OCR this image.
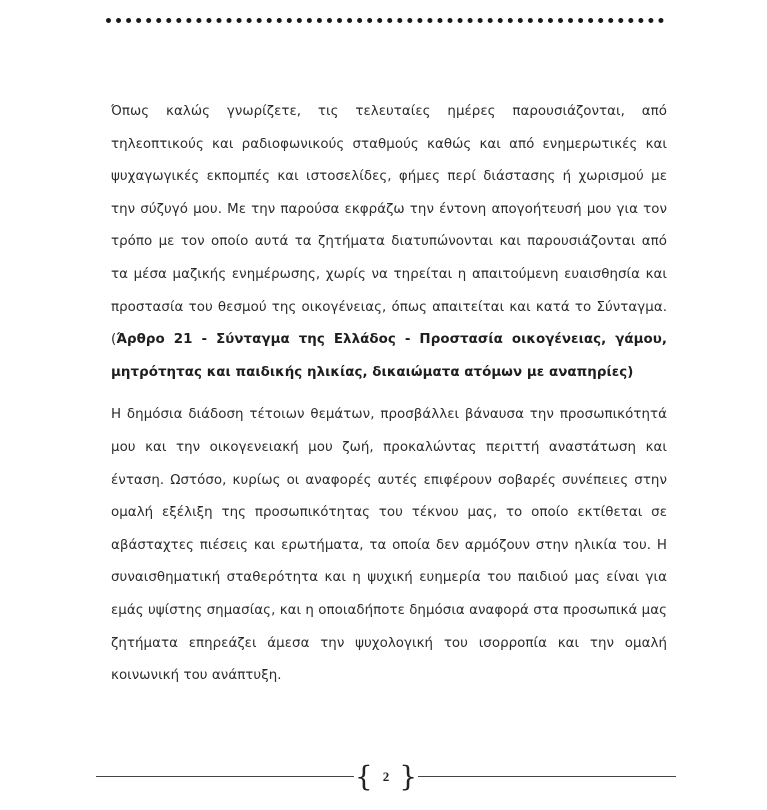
Όπως καλώς γνωρίζετε, τις τελευταίες ημέρες παρουσιάζονται, από τηλεοπτικούς και ραδιοφωνικούς σταθμούς καθώς και από ενημερωτικές και ψυχαγωγικές εκπομπές και ιστοσελίδες, φήμες περί διάστασης ή χωρισμού με την σύζυγό μου. Με την παρούσα εκφράζω την έντονη απογοήτευσή μου για τον τρόπο με τον οποίο αυτά τα ζητήματα διατυπώνονται και παρουσιάζονται από τα μέσα μαζικής ενημέρωσης, χωρίς να τηρείται η απαιτούμενη ευαισθησία και προστασία του θεσμού της οικογένειας, όπως απαιτείται και κατά το Σύνταγμα. (Άρθρο 21 - Σύνταγμα της Ελλάδος - Προστασία οικογένειας, γάμου, μητρότητας και παιδικής ηλικίας, δικαιώματα ατόμων με αναπηρίες)

Η δημόσια διάδοση τέτοιων θεμάτων, προσβάλλει βάναυσα την προσωπικότητά μου και την οικογενειακή μου ζωή, προκαλώντας περιττή αναστάτωση και ένταση. Ωστόσο, κυρίως οι αναφορές αυτές επιφέρουν σοβαρές συνέπειες στην ομαλή εξέλιξη της προσωπικότητας του τέκνου μας, το οποίο εκτίθεται σε αβάσταχτες πιέσεις και ερωτήματα, τα οποία δεν αρμόζουν στην ηλικία του. Η συναισθηματική σταθερότητα και η ψυχική ευημερία του παιδιού μας είναι για εμάς υψίστης σημασίας, και η οποιαδήποτε δημόσια αναφορά στα προσωπικά μας ζητήματα επηρεάζει άμεσα την ψυχολογική του ισορροπία και την ομαλή κοινωνική του ανάπτυξη.

{ 2 }
